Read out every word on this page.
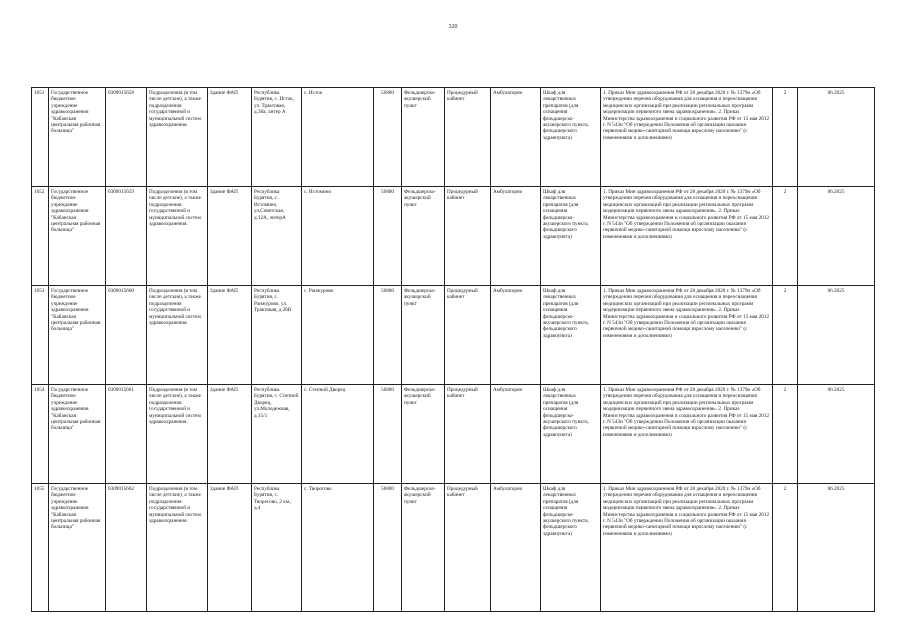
320
1051	Государственное бюджетное учреждение здравоохранения "Кабанская центральная районная больница"	0309015658	Подразделения (в том числе детские), а также подразделения государственной и муниципальной систем здравоохранения.	Здание ФАП	Республика Бурятия, с. Исток, ул. Трактовая, д.38а, литер А	с. Исток	56800	Фельдшерско-акушерский пункт	Процедурный кабинет	Амбулаторно	Шкаф для лекарственных препаратов (для оснащения фельдшерско-акушерского пункта, фельдшерского здравпункта)	1. Приказ Мин здравоохранения РФ от 28 декабря 2020 г. № 1379н «Об утверждении перечня оборудования для оснащения и переоснащения медицинских организаций при реализации региональных программ модернизации первичного звена здравоохранения». 2. Приказ Министерства здравоохранения и социального развития РФ от 15 мая 2012 г. N 543н "Об утверждении Положения об организации оказания первичной медико-санитарной помощи взрослому населению" (с изменениями и дополнениями)	2	06.2025
1052	Государственное бюджетное учреждение здравоохранения "Кабанская центральная районная больница"	0309015659	Подразделения (в том числе детские), а также подразделения государственной и муниципальной систем здравоохранения.	Здание ФАП	Республика Бурятия, с. Истомино, ул.Советская, д.12А, литерА	с. Истомино	56800	Фельдшерско-акушерский пункт	Процедурный кабинет	Амбулаторно	Шкаф для лекарственных препаратов (для оснащения фельдшерско-акушерского пункта, фельдшерского здравпункта)	1. Приказ Мин здравоохранения РФ от 28 декабря 2020 г. № 1379н «Об утверждении перечня оборудования для оснащения и переоснащения медицинских организаций при реализации региональных программ модернизации первичного звена здравоохранения». 2. Приказ Министерства здравоохранения и социального развития РФ от 15 мая 2012 г. N 543н "Об утверждении Положения об организации оказания первичной медико-санитарной помощи взрослому населению" (с изменениями и дополнениями)	2	06.2025
1053	Государственное бюджетное учреждение здравоохранения "Кабанская центральная районная больница"	0309015660	Подразделения (в том числе детские), а также подразделения государственной и муниципальной систем здравоохранения.	Здание ФАП	Республика Бурятия, с. Ранжурово, ул. Трактовая, д.26В	с. Ранжурово	56800	Фельдшерско-акушерский пункт	Процедурный кабинет	Амбулаторно	Шкаф для лекарственных препаратов (для оснащения фельдшерско-акушерского пункта, фельдшерского здравпункта)	1. Приказ Мин здравоохранения РФ от 28 декабря 2020 г. № 1379н «Об утверждении перечня оборудования для оснащения и переоснащения медицинских организаций при реализации региональных программ модернизации первичного звена здравоохранения». 2. Приказ Министерства здравоохранения и социального развития РФ от 15 мая 2012 г. N 543н "Об утверждении Положения об организации оказания первичной медико-санитарной помощи взрослому населению" (с изменениями и дополнениями)	2	06.2025
1054	Государственное бюджетное учреждение здравоохранения "Кабанская центральная районная больница"	0309015661	Подразделения (в том числе детские), а также подразделения государственной и муниципальной систем здравоохранения.	Здание ФАП	Республика Бурятия, с. Степной Дворец, ул.Молодежная, д.15/1	с. Степной Дворец	56800	Фельдшерско-акушерский пункт	Процедурный кабинет	Амбулаторно	Шкаф для лекарственных препаратов (для оснащения фельдшерско-акушерского пункта, фельдшерского здравпункта)	1. Приказ Мин здравоохранения РФ от 28 декабря 2020 г. № 1379н «Об утверждении перечня оборудования для оснащения и переоснащения медицинских организаций при реализации региональных программ модернизации первичного звена здравоохранения». 2. Приказ Министерства здравоохранения и социального развития РФ от 15 мая 2012 г. N 543н "Об утверждении Положения об организации оказания первичной медико-санитарной помощи взрослому населению" (с изменениями и дополнениями)	2	06.2025
1055	Государственное бюджетное учреждение здравоохранения "Кабанская центральная районная больница"	0309015662	Подразделения (в том числе детские), а также подразделения государственной и муниципальной систем здравоохранения.	Здание ФАП	Республика Бурятия, с. Творогово, 2 км., д.4	с. Творогово	56800	Фельдшерско-акушерский пункт	Процедурный кабинет	Амбулаторно	Шкаф для лекарственных препаратов (для оснащения фельдшерско-акушерского пункта, фельдшерского здравпункта)	1. Приказ Мин здравоохранения РФ от 28 декабря 2020 г. № 1379н «Об утверждении перечня оборудования для оснащения и переоснащения медицинских организаций при реализации региональных программ модернизации первичного звена здравоохранения». 2. Приказ Министерства здравоохранения и социального развития РФ от 15 мая 2012 г. N 543н "Об утверждении Положения об организации оказания первичной медико-санитарной помощи взрослому населению" (с изменениями и дополнениями)	2	06.2025
